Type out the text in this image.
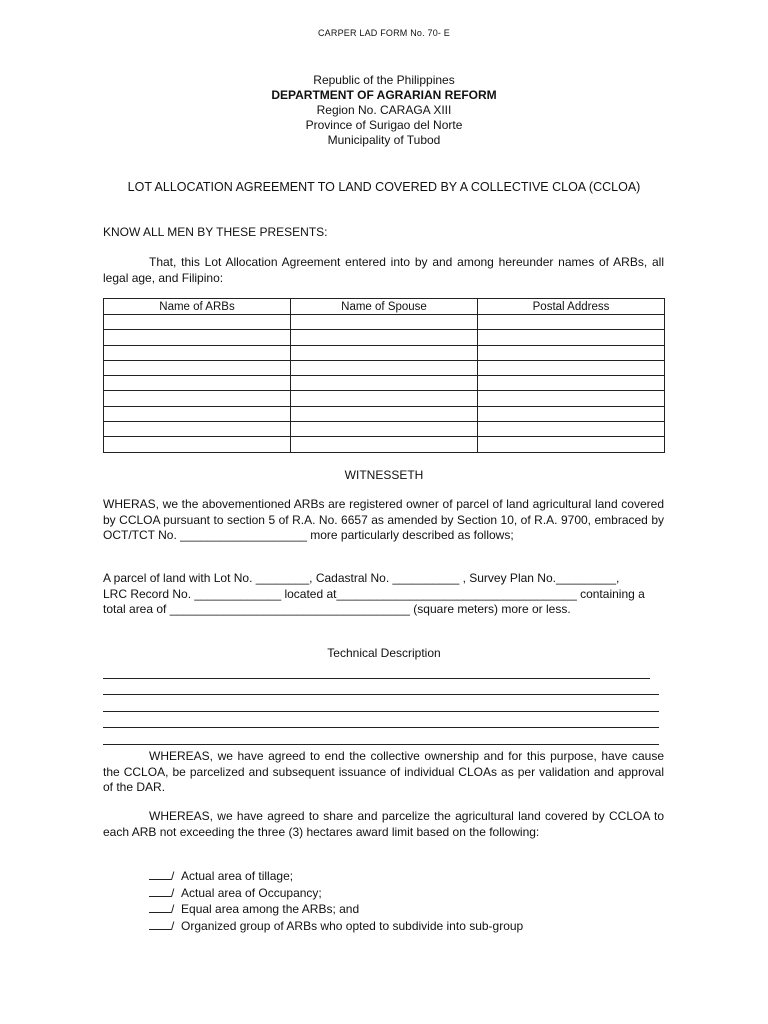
CARPER LAD FORM No. 70- E
Republic of the Philippines
DEPARTMENT OF AGRARIAN REFORM
Region No. CARAGA XIII
Province of Surigao del Norte
Municipality of Tubod
LOT ALLOCATION AGREEMENT TO LAND COVERED BY A COLLECTIVE CLOA (CCLOA)
KNOW ALL MEN BY THESE PRESENTS:
That, this Lot Allocation Agreement entered into by and among hereunder names of ARBs, all legal age, and Filipino:
Name of ARBs	Name of Spouse	Postal Address

WITNESSETH
WHERAS, we the abovementioned ARBs are registered owner of parcel of land agricultural land covered by CCLOA pursuant to section 5 of R.A. No. 6657 as amended by Section 10, of R.A. 9700, embraced by OCT/TCT No. ___________________ more particularly described as follows;
A parcel of land with Lot No. ________, Cadastral No. __________ , Survey Plan No._________,
LRC Record No. _____________ located at____________________________________ containing a
total area of ____________________________________ (square meters) more or less.
Technical Description
WHEREAS, we have agreed to end the collective ownership and for this purpose, have cause the CCLOA, be parcelized and subsequent issuance of individual CLOAs as per validation and approval of the DAR.
WHEREAS, we have agreed to share and parcelize the agricultural land covered by CCLOA to each ARB not exceeding the three (3) hectares award limit based on the following:
/  Actual area of tillage;
/  Actual area of Occupancy;
/  Equal area among the ARBs; and
/  Organized group of ARBs who opted to subdivide into sub-group
